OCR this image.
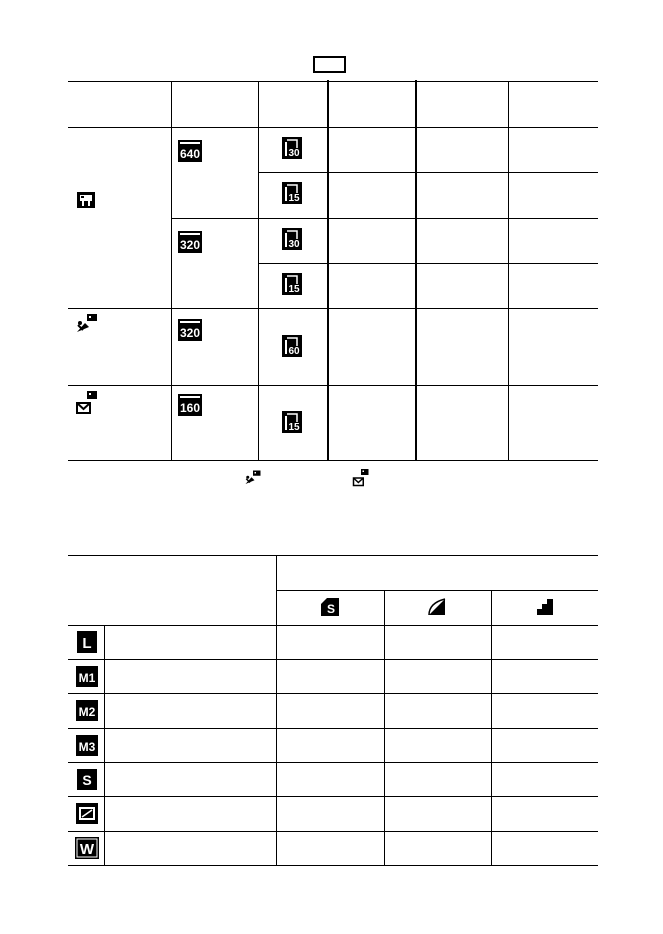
640
320
320
160
30
15
30
15
60
15
S
L
M1
M2
M3
S
W
